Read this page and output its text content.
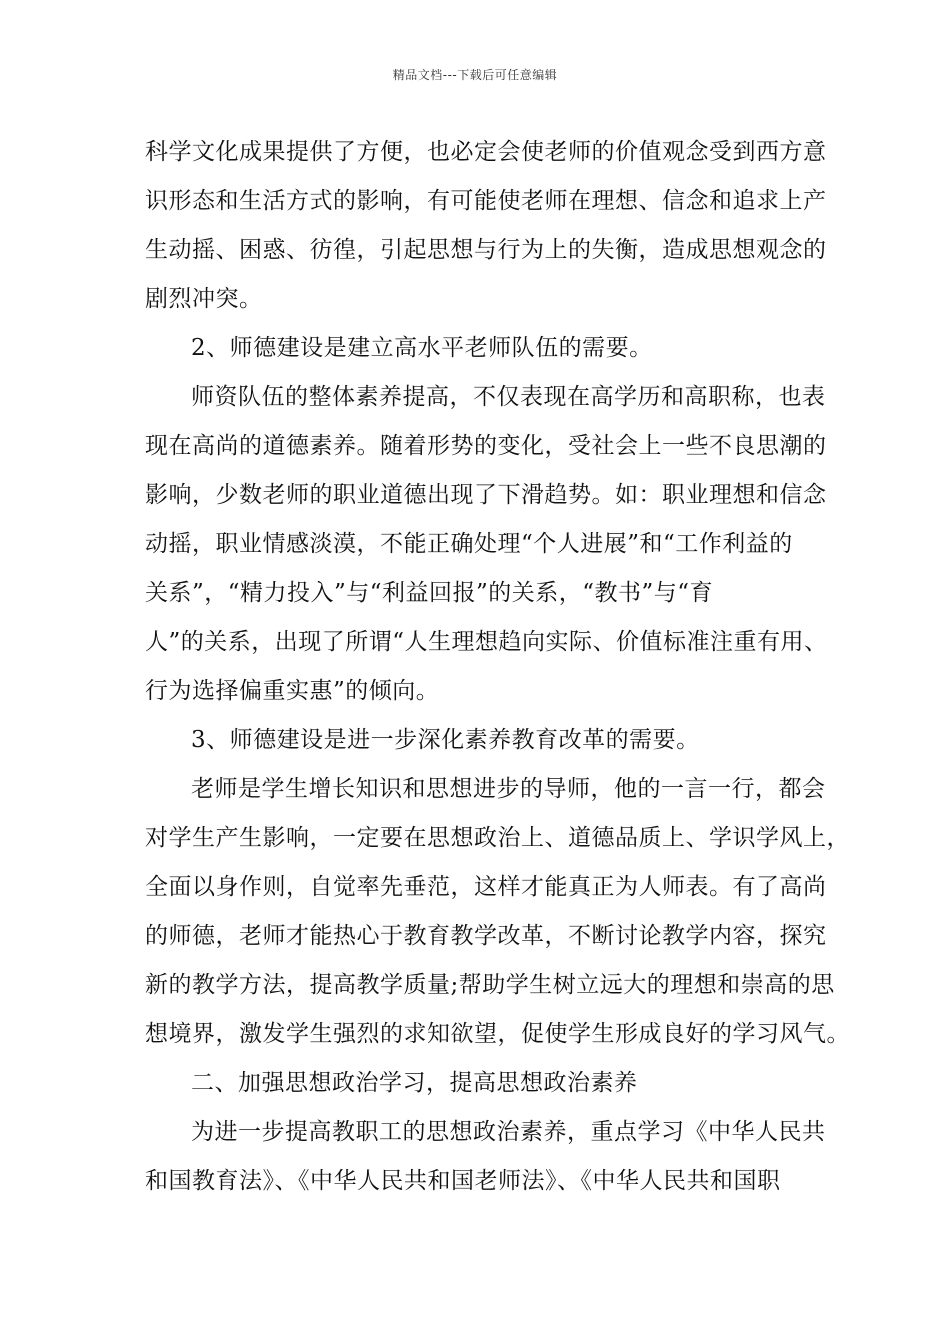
精品文档---下载后可任意编辑
科学文化成果提供了方便，也必定会使老师的价值观念受到西方意
识形态和生活方式的影响，有可能使老师在理想、信念和追求上产
生动摇、困惑、彷徨，引起思想与行为上的失衡，造成思想观念的
剧烈冲突。
2、师德建设是建立高水平老师队伍的需要。
师资队伍的整体素养提高，不仅表现在高学历和高职称，也表
现在高尚的道德素养。随着形势的变化，受社会上一些不良思潮的
影响，少数老师的职业道德出现了下滑趋势。如：职业理想和信念
动摇，职业情感淡漠，不能正确处理“个人进展”和“工作利益的
关系”，“精力投入”与“利益回报”的关系，“教书”与“育
人”的关系，出现了所谓“人生理想趋向实际、价值标准注重有用、
行为选择偏重实惠”的倾向。
3、师德建设是进一步深化素养教育改革的需要。
老师是学生增长知识和思想进步的导师，他的一言一行，都会
对学生产生影响，一定要在思想政治上、道德品质上、学识学风上，
全面以身作则，自觉率先垂范，这样才能真正为人师表。有了高尚
的师德，老师才能热心于教育教学改革，不断讨论教学内容，探究
新的教学方法，提高教学质量;帮助学生树立远大的理想和崇高的思
想境界，激发学生强烈的求知欲望，促使学生形成良好的学习风气。
二、加强思想政治学习，提高思想政治素养
为进一步提高教职工的思想政治素养，重点学习《中华人民共
和国教育法》、《中华人民共和国老师法》、《中华人民共和国职
